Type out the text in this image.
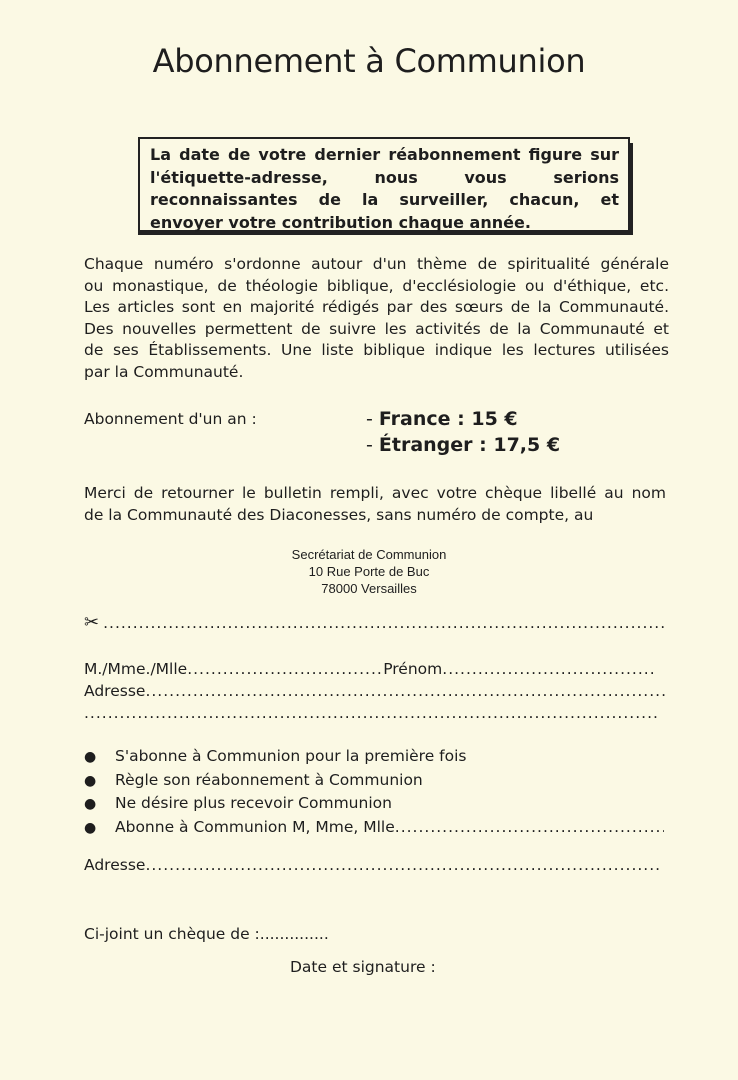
Abonnement à Communion
La date de votre dernier réabonnement figure sur
l'étiquette-adresse, nous vous serions
reconnaissantes de la surveiller, chacun, et
envoyer votre contribution chaque année.
Chaque numéro s'ordonne autour d'un thème de spiritualité générale
ou monastique, de théologie biblique, d'ecclésiologie ou d'éthique, etc.
Les articles sont en majorité rédigés par des sœurs de la Communauté.
Des nouvelles permettent de suivre les activités de la Communauté et
de ses Établissements. Une liste biblique indique les lectures utilisées
par la Communauté.
Abonnement d'un an :	- France : 15 €
- Étranger : 17,5 €
Merci de retourner le bulletin rempli, avec votre chèque libellé au nom
de la Communauté des Diaconesses, sans numéro de compte, au
Secrétariat de Communion
10 Rue Porte de Buc
78000 Versailles
✂
.....
M./Mme./Mlle
.....	Prénom
.....
Adresse
.....
.....
●	S'abonne à Communion pour la première fois
●	Règle son réabonnement à Communion
●	Ne désire plus recevoir Communion
●	Abonne à Communion M, Mme, Mlle
.....
Adresse
.....
Ci-joint un chèque de : ..............
Date et signature :
